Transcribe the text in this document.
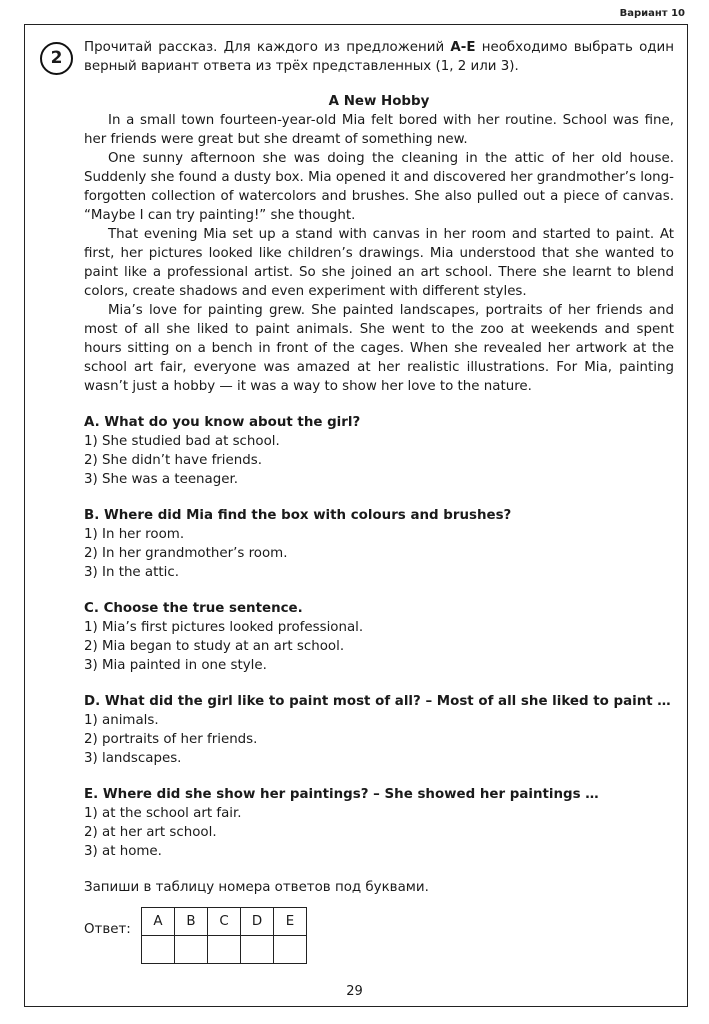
Вариант 10
2

Прочитай рассказ. Для каждого из предложений А-Е необходимо выбрать один верный вариант ответа из трёх представленных (1, 2 или 3).

A New Hobby

In a small town fourteen-year-old Mia felt bored with her routine. School was fine, her friends were great but she dreamt of something new.

One sunny afternoon she was doing the cleaning in the attic of her old house. Suddenly she found a dusty box. Mia opened it and discovered her grandmother’s long-forgotten collection of watercolors and brushes. She also pulled out a piece of canvas. “Maybe I can try painting!” she thought.

That evening Mia set up a stand with canvas in her room and started to paint. At first, her pictures looked like children’s drawings. Mia understood that she wanted to paint like a professional artist. So she joined an art school. There she learnt to blend colors, create shadows and even experiment with different styles.

Mia’s love for painting grew. She painted landscapes, portraits of her friends and most of all she liked to paint animals. She went to the zoo at weekends and spent hours sitting on a bench in front of the cages. When she revealed her artwork at the school art fair, everyone was amazed at her realistic illustrations. For Mia, painting wasn’t just a hobby — it was a way to show her love to the nature.

A. What do you know about the girl?
1) She studied bad at school.
2) She didn’t have friends.
3) She was a teenager.
B. Where did Mia find the box with colours and brushes?
1) In her room.
2) In her grandmother’s room.
3) In the attic.
C. Choose the true sentence.
1) Mia’s first pictures looked professional.
2) Mia began to study at an art school.
3) Mia painted in one style.
D. What did the girl like to paint most of all? – Most of all she liked to paint …
1) animals.
2) portraits of her friends.
3) landscapes.
E. Where did she show her paintings? – She showed her paintings …
1) at the school art fair.
2) at her art school.
3) at home.
Запиши в таблицу номера ответов под буквами.
Ответ:
A	B	C	D	E

29
